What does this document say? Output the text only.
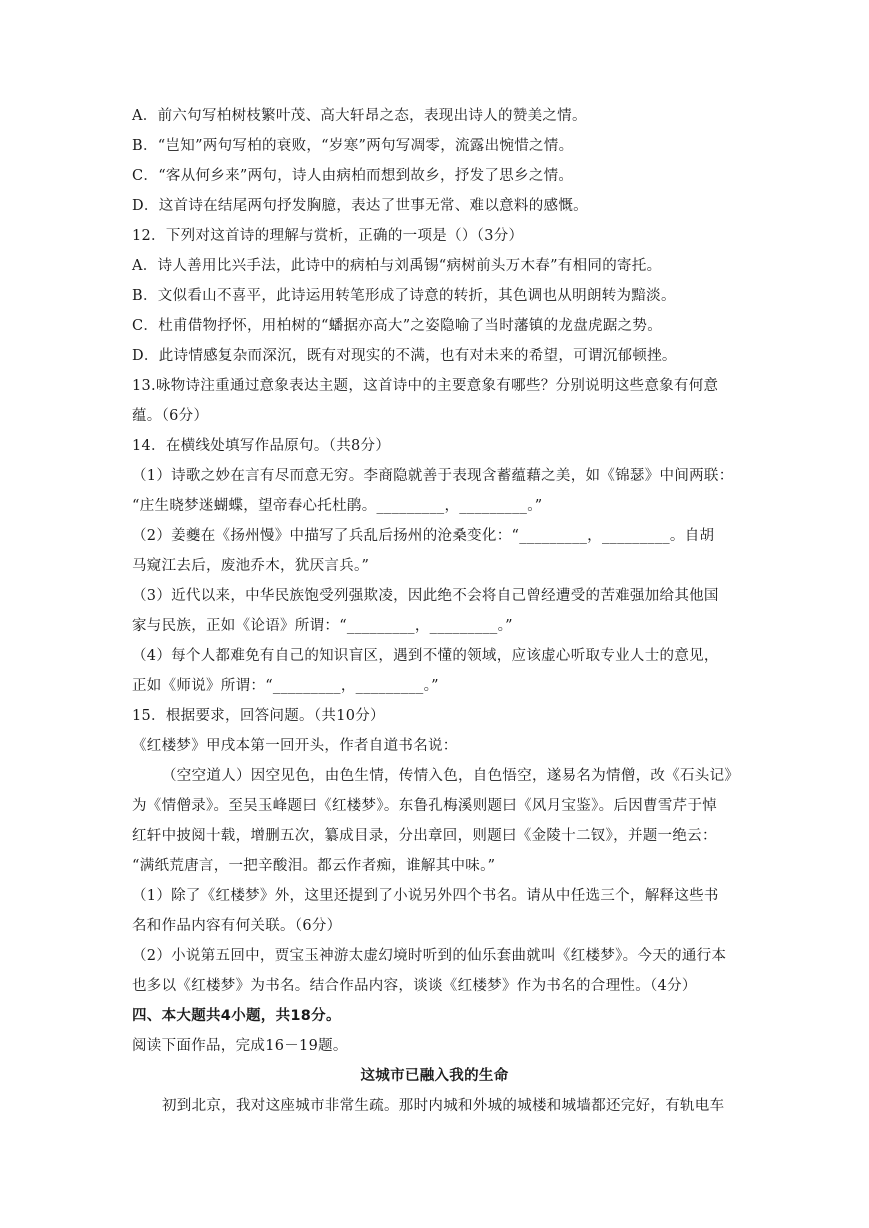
A．前六句写柏树枝繁叶茂、高大轩昂之态，表现出诗人的赞美之情。
B．“岂知”两句写柏的衰败，“岁寒”两句写凋零，流露出惋惜之情。
C．“客从何乡来”两句，诗人由病柏而想到故乡，抒发了思乡之情。
D．这首诗在结尾两句抒发胸臆，表达了世事无常、难以意料的感慨。
12．下列对这首诗的理解与赏析，正确的一项是（）（3分）
A．诗人善用比兴手法，此诗中的病柏与刘禹锡“病树前头万木春”有相同的寄托。
B．文似看山不喜平，此诗运用转笔形成了诗意的转折，其色调也从明朗转为黯淡。
C．杜甫借物抒怀，用柏树的“蟠据亦高大”之姿隐喻了当时藩镇的龙盘虎踞之势。
D．此诗情感复杂而深沉，既有对现实的不满，也有对未来的希望，可谓沉郁顿挫。
13.咏物诗注重通过意象表达主题，这首诗中的主要意象有哪些？分别说明这些意象有何意
蕴。（6分）
14．在横线处填写作品原句。（共8分）
（1）诗歌之妙在言有尽而意无穷。李商隐就善于表现含蓄蕴藉之美，如《锦瑟》中间两联：
“庄生晓梦迷蝴蝶，望帝春心托杜鹃。_________，_________。”
（2）姜夔在《扬州慢》中描写了兵乱后扬州的沧桑变化：“_________，_________。自胡
马窥江去后，废池乔木，犹厌言兵。”
（3）近代以来，中华民族饱受列强欺凌，因此绝不会将自己曾经遭受的苦难强加给其他国
家与民族，正如《论语》所谓：“_________，_________。”
（4）每个人都难免有自己的知识盲区，遇到不懂的领域，应该虚心听取专业人士的意见，
正如《师说》所谓：“_________，_________。”
15．根据要求，回答问题。（共10分）
《红楼梦》甲戌本第一回开头，作者自道书名说：
（空空道人）因空见色，由色生情，传情入色，自色悟空，遂易名为情僧，改《石头记》
为《情僧录》。至吴玉峰题曰《红楼梦》。东鲁孔梅溪则题曰《风月宝鉴》。后因曹雪芹于悼
红轩中披阅十载，增删五次，纂成目录，分出章回，则题曰《金陵十二钗》，并题一绝云：
“满纸荒唐言，一把辛酸泪。都云作者痴，谁解其中味。”
（1）除了《红楼梦》外，这里还提到了小说另外四个书名。请从中任选三个，解释这些书
名和作品内容有何关联。（6分）
（2）小说第五回中，贾宝玉神游太虚幻境时听到的仙乐套曲就叫《红楼梦》。今天的通行本
也多以《红楼梦》为书名。结合作品内容，谈谈《红楼梦》作为书名的合理性。（4分）
四、本大题共4小题，共18分。
阅读下面作品，完成16－19题。
这城市已融入我的生命
初到北京，我对这座城市非常生疏。那时内城和外城的城楼和城墙都还完好，有轨电车
